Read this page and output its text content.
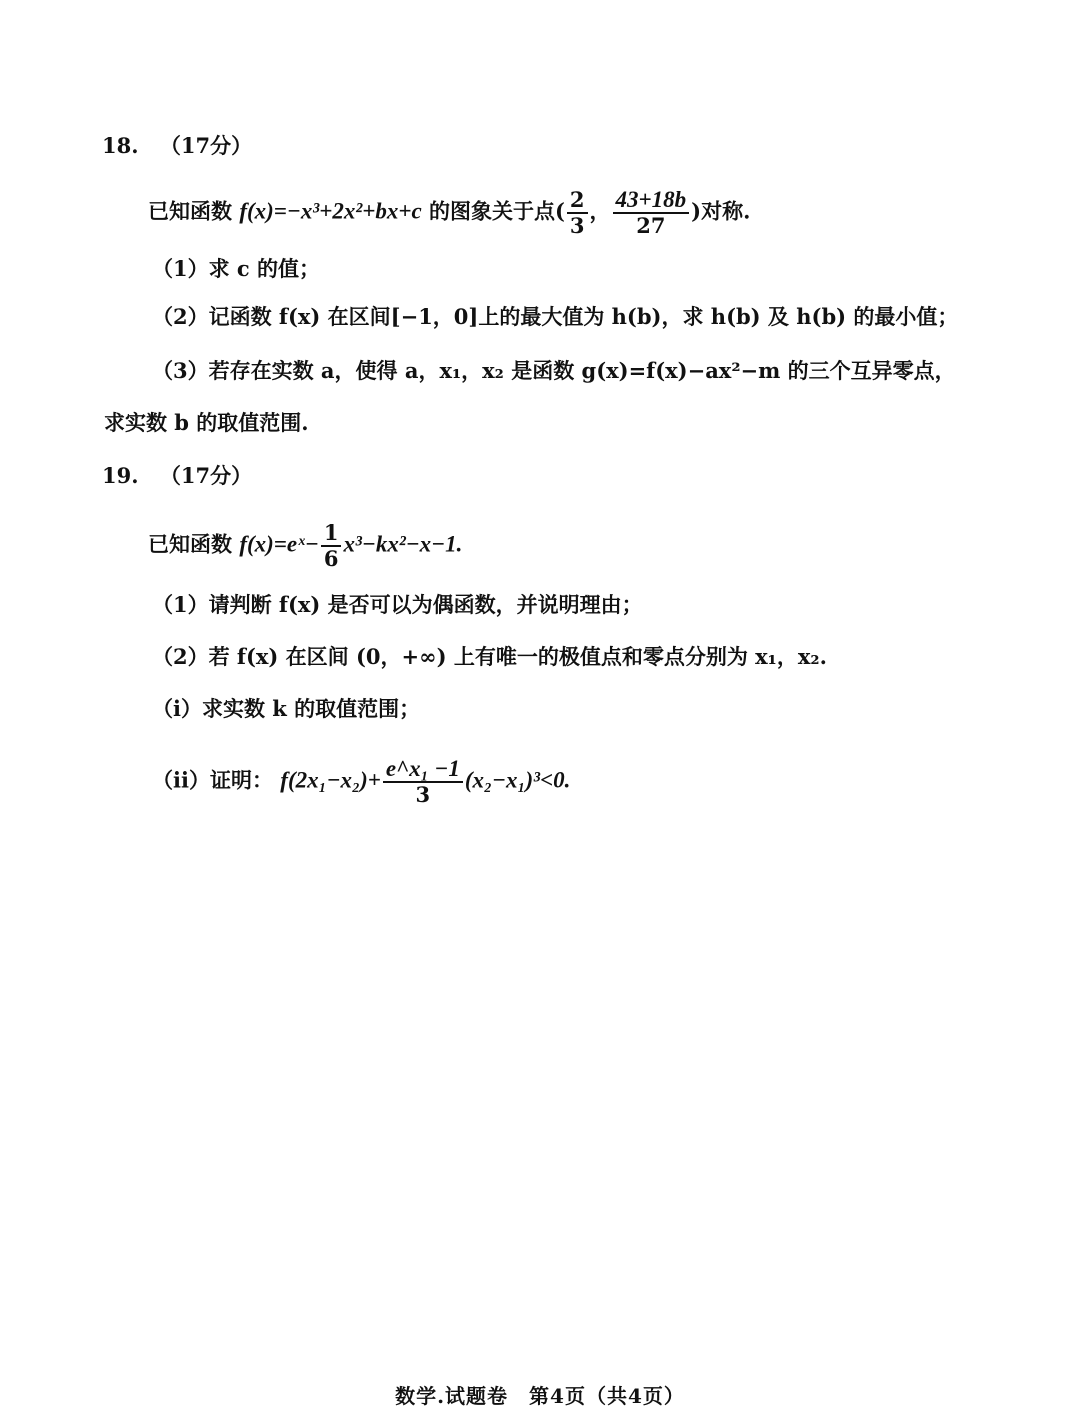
18. （17分）
已知函数 f(x)=−x³+2x²+bx+c 的图象关于点( $\frac{2}{3}$ ， $\frac{43+18b}{27}$ )对称.
（1）求 c 的值；
（2）记函数 f(x) 在区间[−1，0]上的最大值为 h(b)，求 h(b) 及 h(b) 的最小值；
（3）若存在实数 a，使得 a，x₁，x₂ 是函数 g(x)=f(x)−ax²−m 的三个互异零点，
求实数 b 的取值范围.
19. （17分）
已知函数 f(x)=eˣ− $\frac{1}{6} x^3-kx^2-x-1$.
（1）请判断 f(x) 是否可以为偶函数，并说明理由；
（2）若 f(x) 在区间 (0，+∞) 上有唯一的极值点和零点分别为 x₁，x₂.
（i）求实数 k 的取值范围；
（ii）证明： $f(2x_1-x_2)+ \frac{\text{e\textasciicircum{}x₁ −1}}{3} (x_2-x_1)^3<0$.
数学.试题卷　第4页（共4页）
